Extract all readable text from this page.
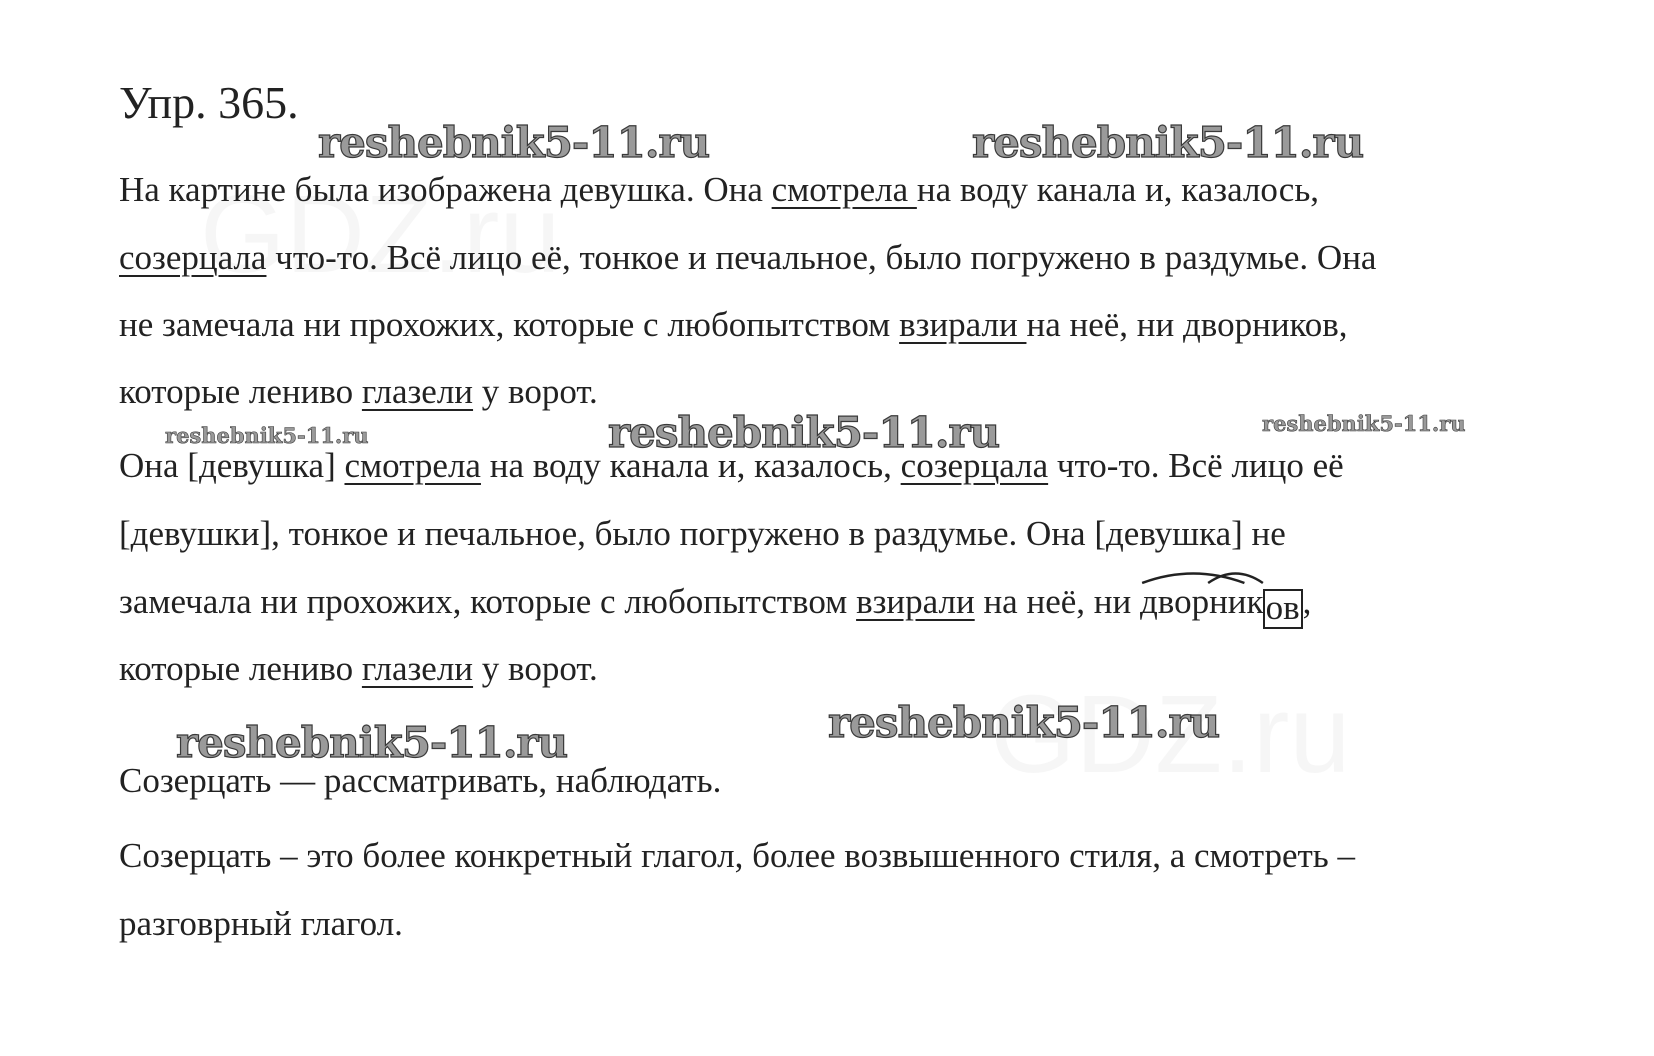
Упр. 365.
На картине была изображена девушка. Она смотрела на воду канала и, казалось,
созерцала что-то. Всё лицо её, тонкое и печальное, было погружено в раздумье. Она
не замечала ни прохожих, которые с любопытством взирали на неё, ни дворников,
которые лениво глазели у ворот.
Она [девушка] смотрела на воду канала и, казалось, созерцала что-то. Всё лицо её
[девушки], тонкое и печальное, было погружено в раздумье. Она [девушка] не
замечала ни прохожих, которые с любопытством взирали на неё, ни
дворни
ков,
которые лениво глазели у ворот.
Созерцать — рассматривать, наблюдать.
Созерцать – это более конкретный глагол, более возвышенного стиля, а смотреть –
разговрный глагол.
reshebnik5-11.ru	reshebnik5-11.ru
reshebnik5-11.ru	reshebnik5-11.ru	reshebnik5-11.ru
reshebnik5-11.ru
reshebnik5-11.ru
